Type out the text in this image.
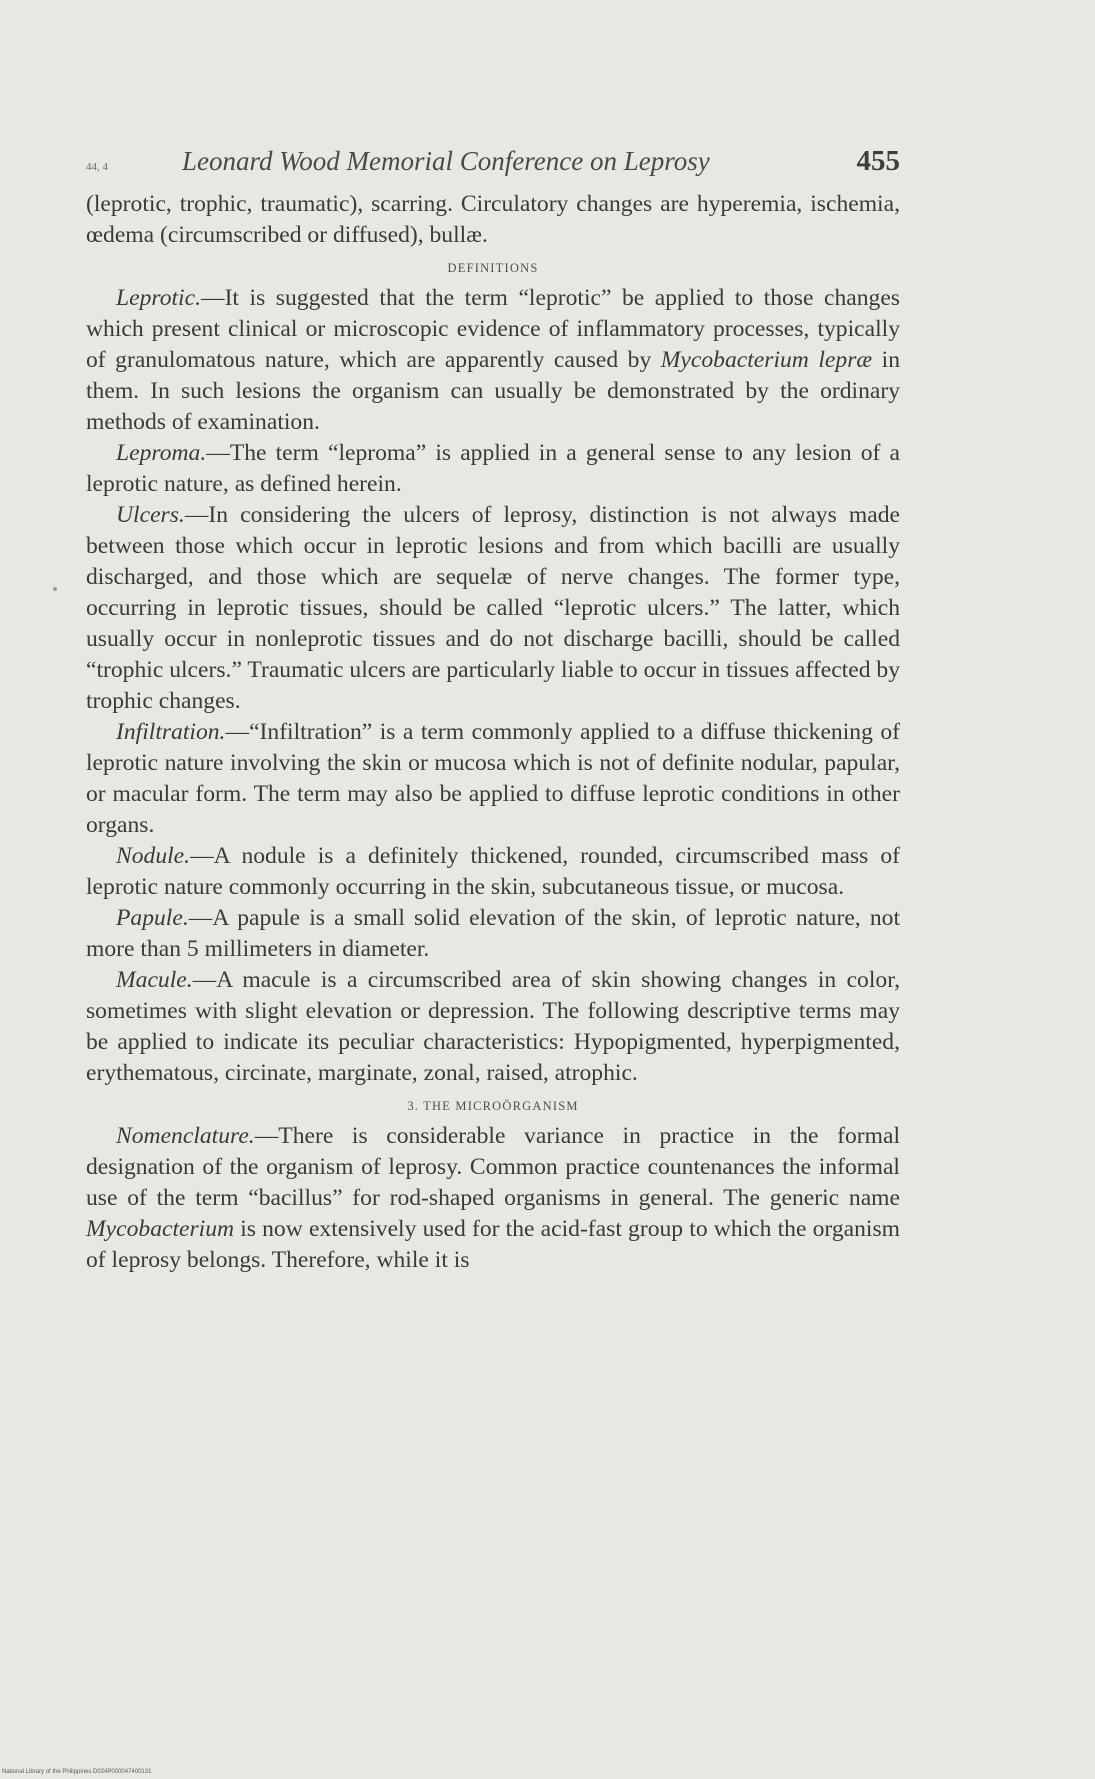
44, 4	Leonard Wood Memorial Conference on Leprosy	455

(leprotic, trophic, traumatic), scarring. Circulatory changes are hyperemia, ischemia, œdema (circumscribed or diffused), bullæ.

DEFINITIONS

Leprotic.—It is suggested that the term “leprotic” be applied to those changes which present clinical or microscopic evidence of inflammatory processes, typically of granulomatous nature, which are apparently caused by Mycobacterium lepræ in them. In such lesions the organism can usually be demonstrated by the ordinary methods of examination.

Leproma.—The term “leproma” is applied in a general sense to any lesion of a leprotic nature, as defined herein.

Ulcers.—In considering the ulcers of leprosy, distinction is not always made between those which occur in leprotic lesions and from which bacilli are usually discharged, and those which are sequelæ of nerve changes. The former type, occurring in leprotic tissues, should be called “leprotic ulcers.” The latter, which usually occur in nonleprotic tissues and do not discharge bacilli, should be called “trophic ulcers.” Traumatic ulcers are particularly liable to occur in tissues affected by trophic changes.

Infiltration.—“Infiltration” is a term commonly applied to a diffuse thickening of leprotic nature involving the skin or mucosa which is not of definite nodular, papular, or macular form. The term may also be applied to diffuse leprotic conditions in other organs.

Nodule.—A nodule is a definitely thickened, rounded, circumscribed mass of leprotic nature commonly occurring in the skin, subcutaneous tissue, or mucosa.

Papule.—A papule is a small solid elevation of the skin, of leprotic nature, not more than 5 millimeters in diameter.

Macule.—A macule is a circumscribed area of skin showing changes in color, sometimes with slight elevation or depression. The following descriptive terms may be applied to indicate its peculiar characteristics: Hypopigmented, hyperpigmented, erythematous, circinate, marginate, zonal, raised, atrophic.

3. THE MICROÖRGANISM

Nomenclature.—There is considerable variance in practice in the formal designation of the organism of leprosy. Common practice countenances the informal use of the term “bacillus” for rod-shaped organisms in general. The generic name Mycobacterium is now extensively used for the acid-fast group to which the organism of leprosy belongs. Therefore, while it is

National Library of the Philippines D024P000047400131
